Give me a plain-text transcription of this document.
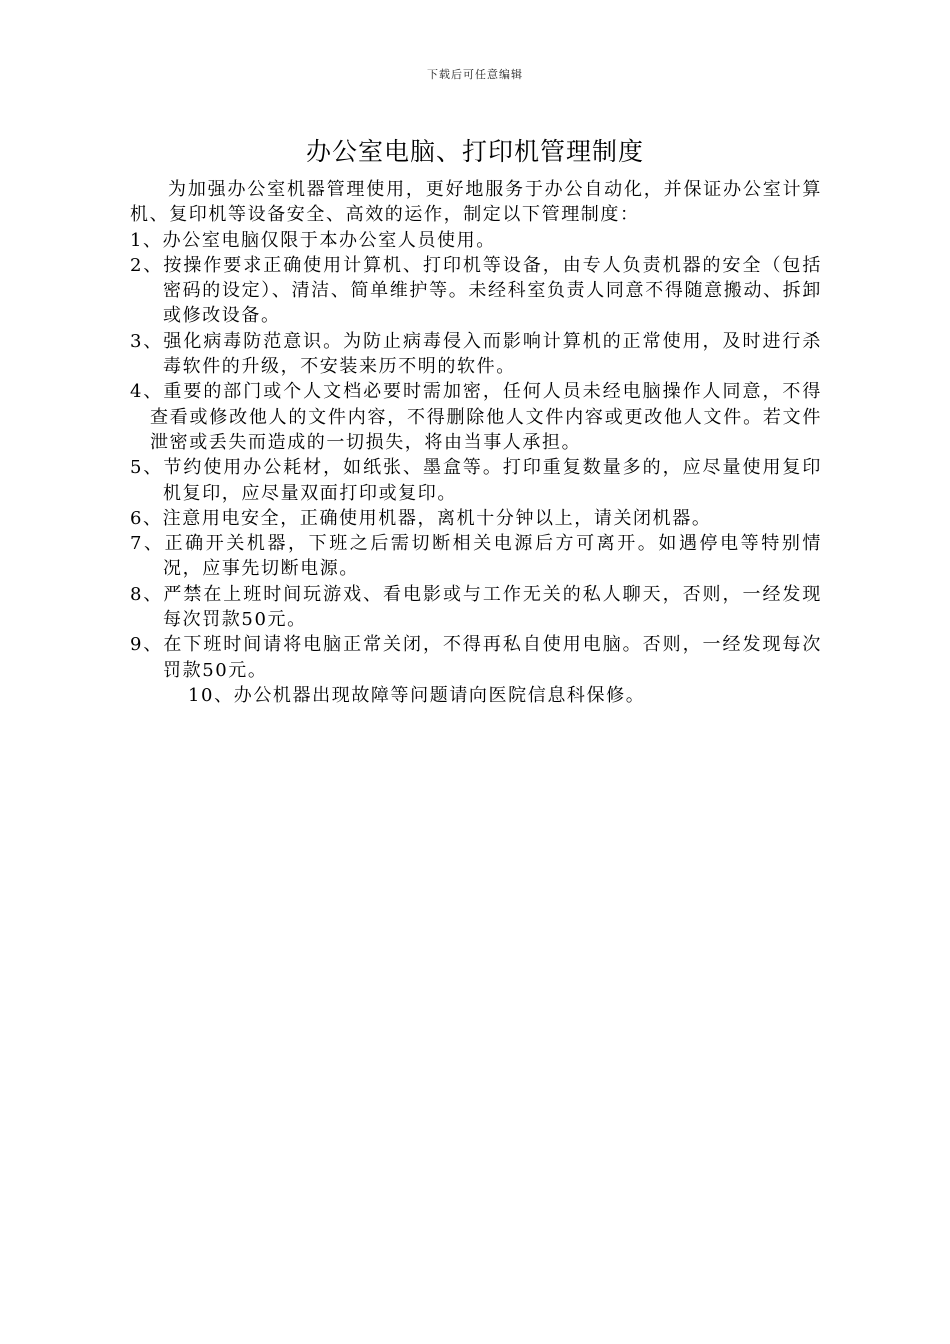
下载后可任意编辑
办公室电脑、打印机管理制度

为加强办公室机器管理使用，更好地服务于办公自动化，并保证办公室计算机、复印机等设备安全、高效的运作，制定以下管理制度：

1、办公室电脑仅限于本办公室人员使用。

2、按操作要求正确使用计算机、打印机等设备，由专人负责机器的安全（包括密码的设定）、清洁、简单维护等。未经科室负责人同意不得随意搬动、拆卸或修改设备。

3、强化病毒防范意识。为防止病毒侵入而影响计算机的正常使用，及时进行杀毒软件的升级，不安装来历不明的软件。

4、重要的部门或个人文档必要时需加密，任何人员未经电脑操作人同意，不得查看或修改他人的文件内容，不得删除他人文件内容或更改他人文件。若文件泄密或丢失而造成的一切损失，将由当事人承担。

5、节约使用办公耗材，如纸张、墨盒等。打印重复数量多的，应尽量使用复印机复印，应尽量双面打印或复印。

6、注意用电安全，正确使用机器，离机十分钟以上，请关闭机器。

7、正确开关机器，下班之后需切断相关电源后方可离开。如遇停电等特别情况，应事先切断电源。

8、严禁在上班时间玩游戏、看电影或与工作无关的私人聊天，否则，一经发现每次罚款50元。

9、在下班时间请将电脑正常关闭，不得再私自使用电脑。否则，一经发现每次罚款50元。

10、办公机器出现故障等问题请向医院信息科保修。
